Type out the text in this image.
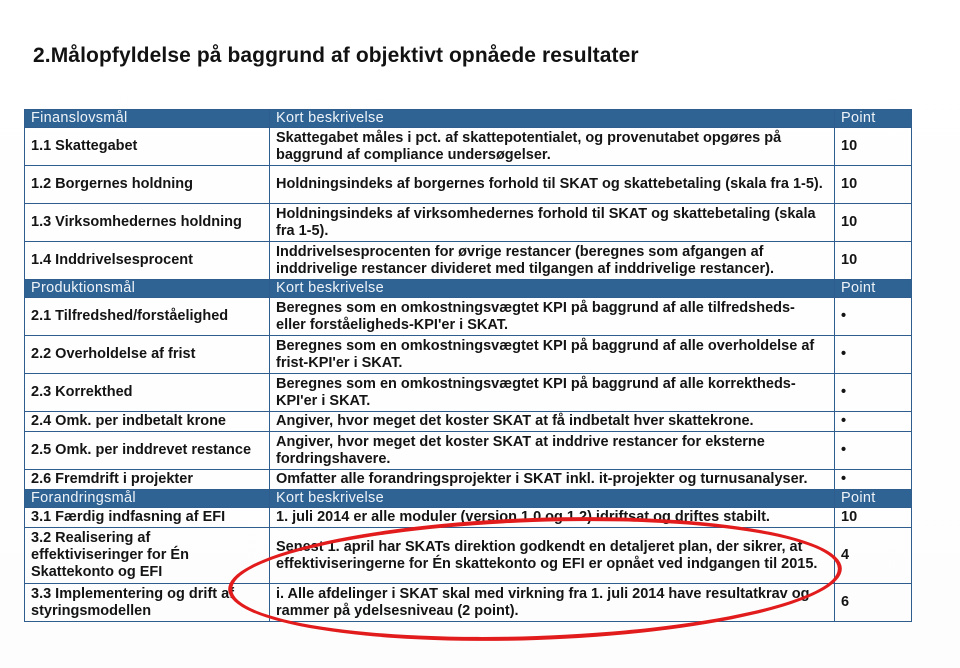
2.Målopfyldelse på baggrund af objektivt opnåede resultater
Finanslovsmål	Kort beskrivelse	Point
1.1 Skattegabet	Skattegabet måles i pct. af skattepotentialet, og provenutabet opgøres på baggrund af compliance undersøgelser.	10
1.2 Borgernes holdning	Holdningsindeks af borgernes forhold til SKAT og skattebetaling (skala fra 1-5).	10
1.3 Virksomhedernes holdning	Holdningsindeks af virksomhedernes forhold til SKAT og skattebetaling (skala fra 1-5).	10
1.4 Inddrivelsesprocent	Inddrivelsesprocenten for øvrige restancer (beregnes som afgangen af inddrivelige restancer divideret med tilgangen af inddrivelige restancer).	10
Produktionsmål	Kort beskrivelse	Point
2.1 Tilfredshed/forståelighed	Beregnes som en omkostningsvægtet KPI på baggrund af alle tilfredsheds- eller forståeligheds-KPI'er i SKAT.	•
2.2 Overholdelse af frist	Beregnes som en omkostningsvægtet KPI på baggrund af alle overholdelse af frist-KPI'er i SKAT.	•
2.3 Korrekthed	Beregnes som en omkostningsvægtet KPI på baggrund af alle korrektheds-KPI'er i SKAT.	•
2.4 Omk. per indbetalt krone	Angiver, hvor meget det koster SKAT at få indbetalt hver skattekrone.	•
2.5 Omk. per inddrevet restance	Angiver, hvor meget det koster SKAT at inddrive restancer for eksterne fordringshavere.	•
2.6 Fremdrift i projekter	Omfatter alle forandringsprojekter i SKAT inkl. it-projekter og turnusanalyser.	•
Forandringsmål	Kort beskrivelse	Point
3.1 Færdig indfasning af EFI	1. juli 2014 er alle moduler (version 1.0 og 1.2) idriftsat og driftes stabilt.	10
3.2 Realisering af effektiviseringer for Én Skattekonto og EFI	Senest 1. april har SKATs direktion godkendt en detaljeret plan, der sikrer, at effektiviseringerne for Én skattekonto og EFI er opnået ved indgangen til 2015.	4
3.3 Implementering og drift af styringsmodellen	i. Alle afdelinger i SKAT skal med virkning fra 1. juli 2014 have resultatkrav og rammer på ydelsesniveau (2 point).	6
